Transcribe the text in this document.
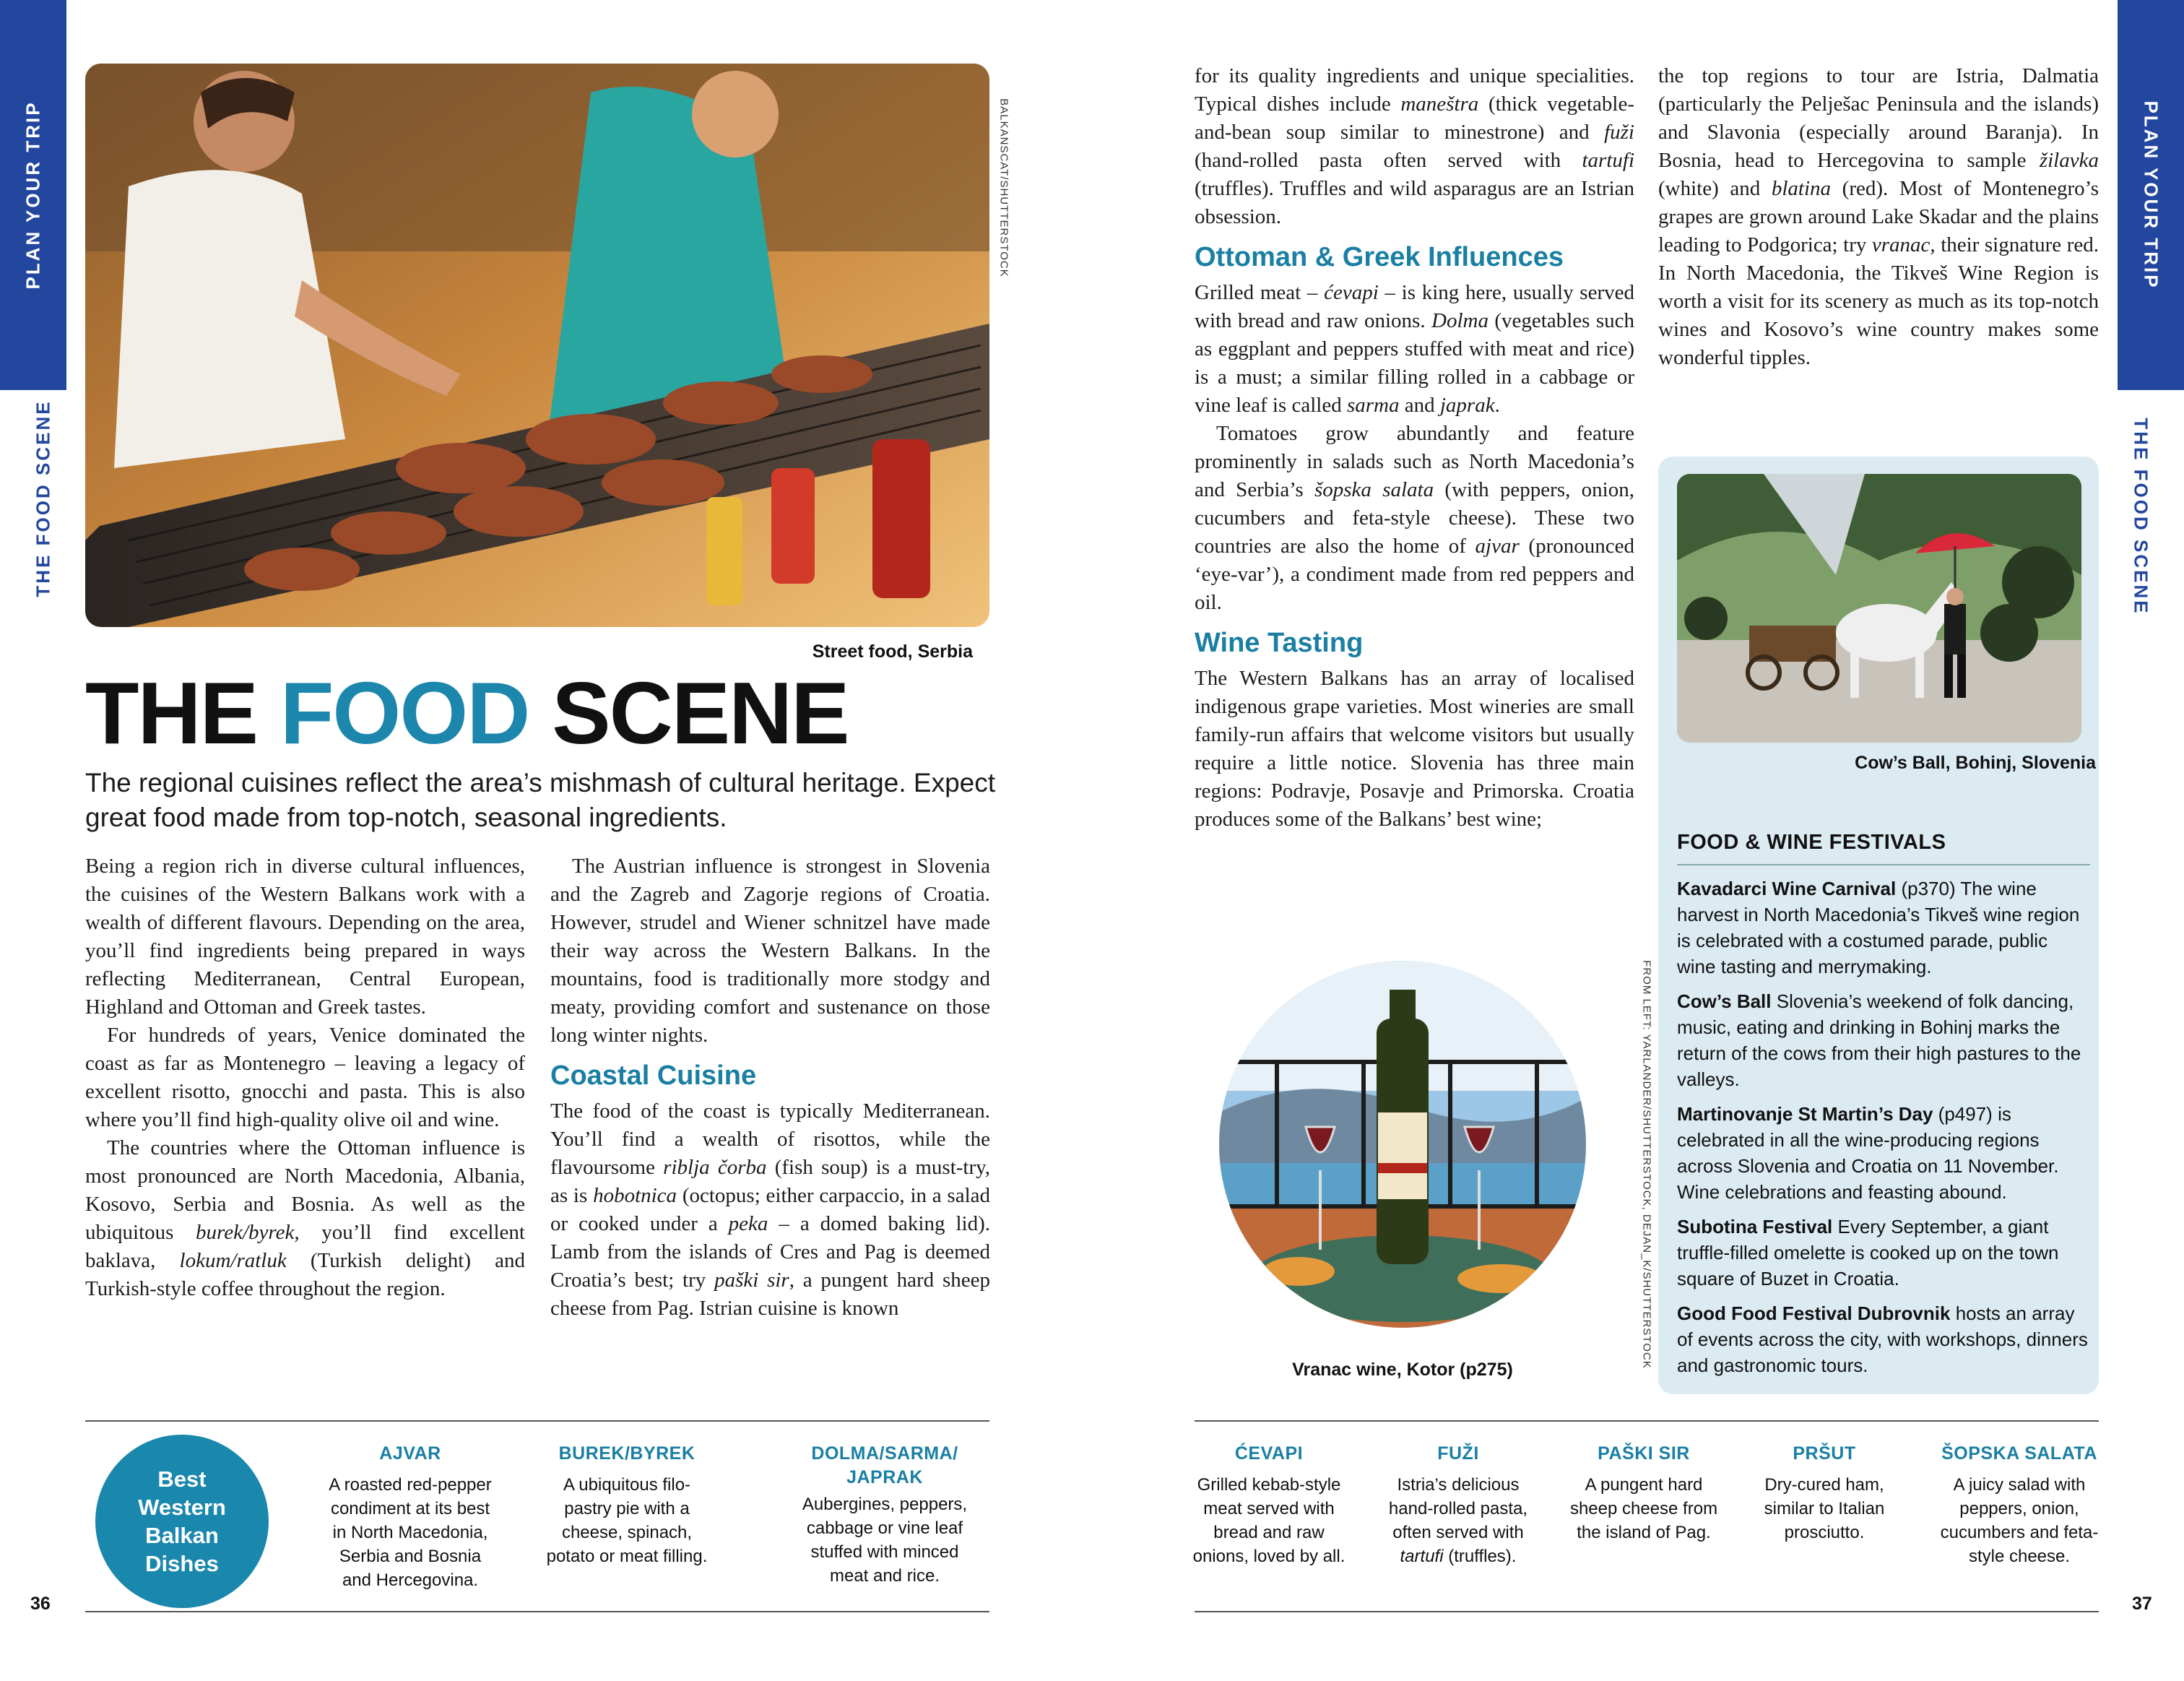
PLAN YOUR TRIP
THE FOOD SCENE
PLAN YOUR TRIP
THE FOOD SCENE
BALKANSCAT/SHUTTERSTOCK
Street food, Serbia
THE FOOD SCENE
The regional cuisines reflect the area’s mishmash of cultural heritage. Expect great food made from top-notch, seasonal ingredients.

Being a region rich in diverse cultural influences, the cuisines of the Western Balkans work with a wealth of different flavours. Depending on the area, you’ll find ingredients being prepared in ways reflecting Mediterranean, Central European, Highland and Ottoman and Greek tastes.

For hundreds of years, Venice dominated the coast as far as Montenegro – leaving a legacy of excellent risotto, gnocchi and pasta. This is also where you’ll find high-quality olive oil and wine.

The countries where the Ottoman influence is most pronounced are North Macedonia, Albania, Kosovo, Serbia and Bosnia. As well as the ubiquitous burek/byrek, you’ll find excellent baklava, lokum/ratluk (Turkish delight) and Turkish-style coffee throughout the region.

The Austrian influence is strongest in Slovenia and the Zagreb and Zagorje regions of Croatia. However, strudel and Wiener schnitzel have made their way across the Western Balkans. In the mountains, food is traditionally more stodgy and meaty, providing comfort and sustenance on those long winter nights.

Coastal Cuisine

The food of the coast is typically Mediterranean. You’ll find a wealth of risottos, while the flavoursome riblja čorba (fish soup) is a must-try, as is hobotnica (octopus; either carpaccio, in a salad or cooked under a peka – a domed baking lid). Lamb from the islands of Cres and Pag is deemed Croatia’s best; try paški sir, a pungent hard sheep cheese from Pag. Istrian cuisine is known

for its quality ingredients and unique specialities. Typical dishes include maneštra (thick vegetable-and-bean soup similar to minestrone) and fuži (hand-rolled pasta often served with tartufi (truffles). Truffles and wild asparagus are an Istrian obsession.

Ottoman & Greek Influences

Grilled meat – ćevapi – is king here, usually served with bread and raw onions. Dolma (vegetables such as eggplant and peppers stuffed with meat and rice) is a must; a similar filling rolled in a cabbage or vine leaf is called sarma and japrak.

Tomatoes grow abundantly and feature prominently in salads such as North Macedonia’s and Serbia’s šopska salata (with peppers, onion, cucumbers and feta-style cheese). These two countries are also the home of ajvar (pronounced ‘eye-var’), a condiment made from red peppers and oil.

Wine Tasting

The Western Balkans has an array of localised indigenous grape varieties. Most wineries are small family-run affairs that welcome visitors but usually require a little notice. Slovenia has three main regions: Podravje, Posavje and Primorska. Croatia produces some of the Balkans’ best wine;

the top regions to tour are Istria, Dalmatia (particularly the Pelješac Peninsula and the islands) and Slavonia (especially around Baranja). In Bosnia, head to Hercegovina to sample žilavka (white) and blatina (red). Most of Montenegro’s grapes are grown around Lake Skadar and the plains leading to Podgorica; try vranac, their signature red. In North Macedonia, the Tikveš Wine Region is worth a visit for its scenery as much as its top-notch wines and Kosovo’s wine country makes some wonderful tipples.

FROM LEFT: YARLANDER/SHUTTERSTOCK, DEJAN_K/SHUTTERSTOCK
Vranac wine, Kotor (p275)
Cow’s Ball, Bohinj, Slovenia
FOOD & WINE FESTIVALS

Kavadarci Wine Carnival (p370) The wine harvest in North Macedonia’s Tikveš wine region is celebrated with a costumed parade, public wine tasting and merrymaking.

Cow’s Ball Slovenia’s weekend of folk dancing, music, eating and drinking in Bohinj marks the return of the cows from their high pastures to the valleys.

Martinovanje St Martin’s Day (p497) is celebrated in all the wine-producing regions across Slovenia and Croatia on 11 November. Wine celebrations and feasting abound.

Subotina Festival Every September, a giant truffle-filled omelette is cooked up on the town square of Buzet in Croatia.

Good Food Festival Dubrovnik hosts an array of events across the city, with workshops, dinners and gastronomic tours.

Best Western Balkan Dishes
AJVAR
A roasted red-pepper condiment at its best in North Macedonia, Serbia and Bosnia and Hercegovina.
BUREK/BYREK
A ubiquitous filo-pastry pie with a cheese, spinach, potato or meat filling.
DOLMA/SARMA/ JAPRAK
Aubergines, peppers, cabbage or vine leaf stuffed with minced meat and rice.
ĆEVAPI
Grilled kebab-style meat served with bread and raw onions, loved by all.
FUŽI
Istria’s delicious hand-rolled pasta, often served with tartufi (truffles).
PAŠKI SIR
A pungent hard sheep cheese from the island of Pag.
PRŠUT
Dry-cured ham, similar to Italian prosciutto.
ŠOPSKA SALATA
A juicy salad with peppers, onion, cucumbers and feta-style cheese.
36	37
